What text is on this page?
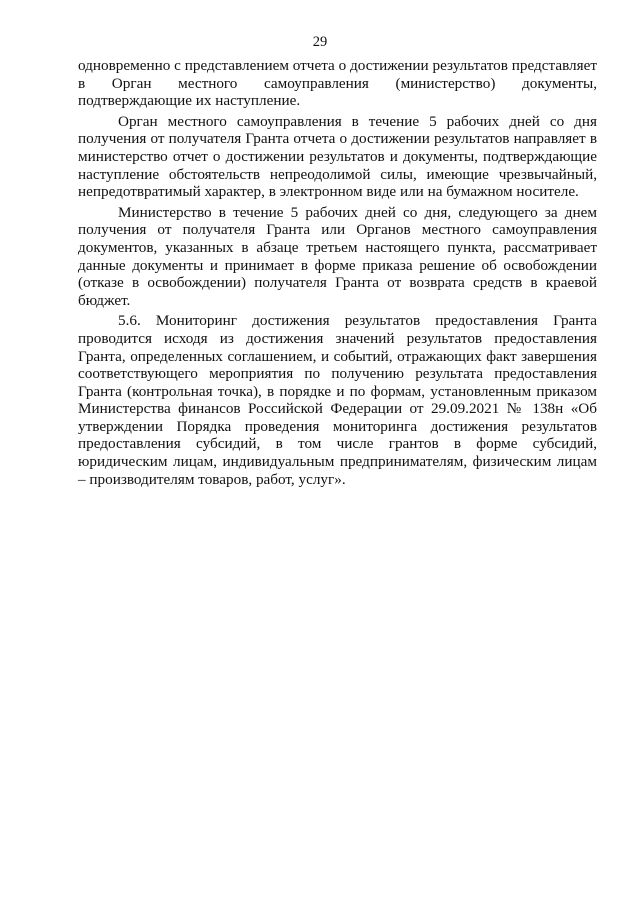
29

одновременно с представлением отчета о достижении результатов представляет в Орган местного самоуправления (министерство) документы, подтверждающие их наступление.

Орган местного самоуправления в течение 5 рабочих дней со дня получения от получателя Гранта отчета о достижении результатов направляет в министерство отчет о достижении результатов и документы, подтверждающие наступление обстоятельств непреодолимой силы, имеющие чрезвычайный, непредотвратимый характер, в электронном виде или на бумажном носителе.

Министерство в течение 5 рабочих дней со дня, следующего за днем получения от получателя Гранта или Органов местного самоуправления документов, указанных в абзаце третьем настоящего пункта, рассматривает данные документы и принимает в форме приказа решение об освобождении (отказе в освобождении) получателя Гранта от возврата средств в краевой бюджет.

5.6. Мониторинг достижения результатов предоставления Гранта проводится исходя из достижения значений результатов предоставления Гранта, определенных соглашением, и событий, отражающих факт завершения соответствующего мероприятия по получению результата предоставления Гранта (контрольная точка), в порядке и по формам, установленным приказом Министерства финансов Российской Федерации от 29.09.2021 № 138н «Об утверждении Порядка проведения мониторинга достижения результатов предоставления субсидий, в том числе грантов в форме субсидий, юридическим лицам, индивидуальным предпринимателям, физическим лицам – производителям товаров, работ, услуг».
